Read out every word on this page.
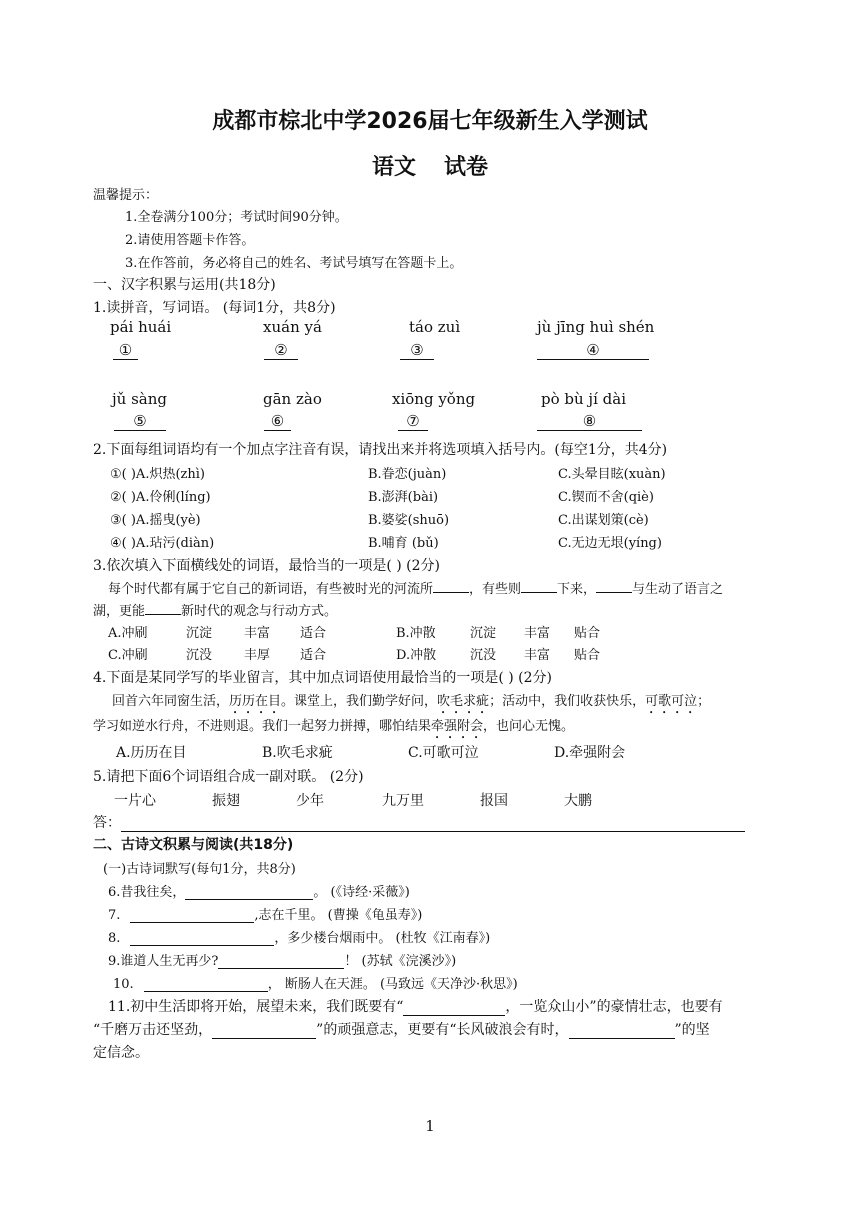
成都市棕北中学2026届七年级新生入学测试
语文 试卷
温馨提示：
1.全卷满分100分；考试时间90分钟。
2.请使用答题卡作答。
3.在作答前，务必将自己的姓名、考试号填写在答题卡上。
一、汉字积累与运用(共18分)
1.读拼音，写词语。 (每词1分，共8分)
pái huái	xuán yá	táo zuì	jù jīng huì shén
①	②	③	④
jǔ sàng	gān zào	xiōng yǒng	pò bù jí dài
⑤	⑥	⑦	⑧
2.下面每组词语均有一个加点字注音有误，请找出来并将选项填入括号内。(每空1分，共4分)
①( )A.炽热(zhì)	B.眷恋(juàn)	C.头晕目眩(xuàn)
②( )A.伶俐(líng)	B.澎湃(bài)	C.锲而不舍(qiè)
③( )A.摇曳(yè)	B.婆娑(shuō)	C.出谋划策(cè)
④( )A.玷污(diàn)	B.哺育 (bǔ)	C.无边无垠(yíng)
3.依次填入下面横线处的词语，最恰当的一项是( ) (2分)
每个时代都有属于它自己的新词语，有些被时光的河流所	，有些则	下来，	与生动了语言之
湖，更能	新时代的观念与行动方式。
A.冲刷	沉淀 丰富 适合	B.冲散	沉淀 丰富 贴合
C.冲刷	沉没 丰厚 适合	D.冲散	沉没 丰富 贴合
4.下面是某同学写的毕业留言，其中加点词语使用最恰当的一项是( ) (2分)
回首六年同窗生活，历历在目。课堂上，我们勤学好问，吹毛求疵；活动中，我们收获快乐，可歌可泣；
学习如逆水行舟，不进则退。我们一起努力拼搏，哪怕结果牵强附会，也问心无愧。
A.历历在目	B.吹毛求疵	C.可歌可泣	D.牵强附会
5.请把下面6个词语组合成一副对联。 (2分)
一片心	振翅	少年	九万里	报国	大鹏
答：
二、古诗文积累与阅读(共18分)
(一)古诗词默写(每句1分，共8分)
6.昔我往矣，	。 (《诗经·采薇》)
7.	,志在千里。 (曹操《龟虽寿》)
8.	，多少楼台烟雨中。 (杜牧《江南春》)
9.谁道人生无再少?	！ (苏轼《浣溪沙》)
10.	， 断肠人在天涯。 (马致远《天净沙·秋思》)
11.初中生活即将开始，展望未来，我们既要有“	，一览众山小”的豪情壮志，也要有
“千磨万击还坚劲，	”的顽强意志，更要有“长风破浪会有时，	”的坚
定信念。
1
